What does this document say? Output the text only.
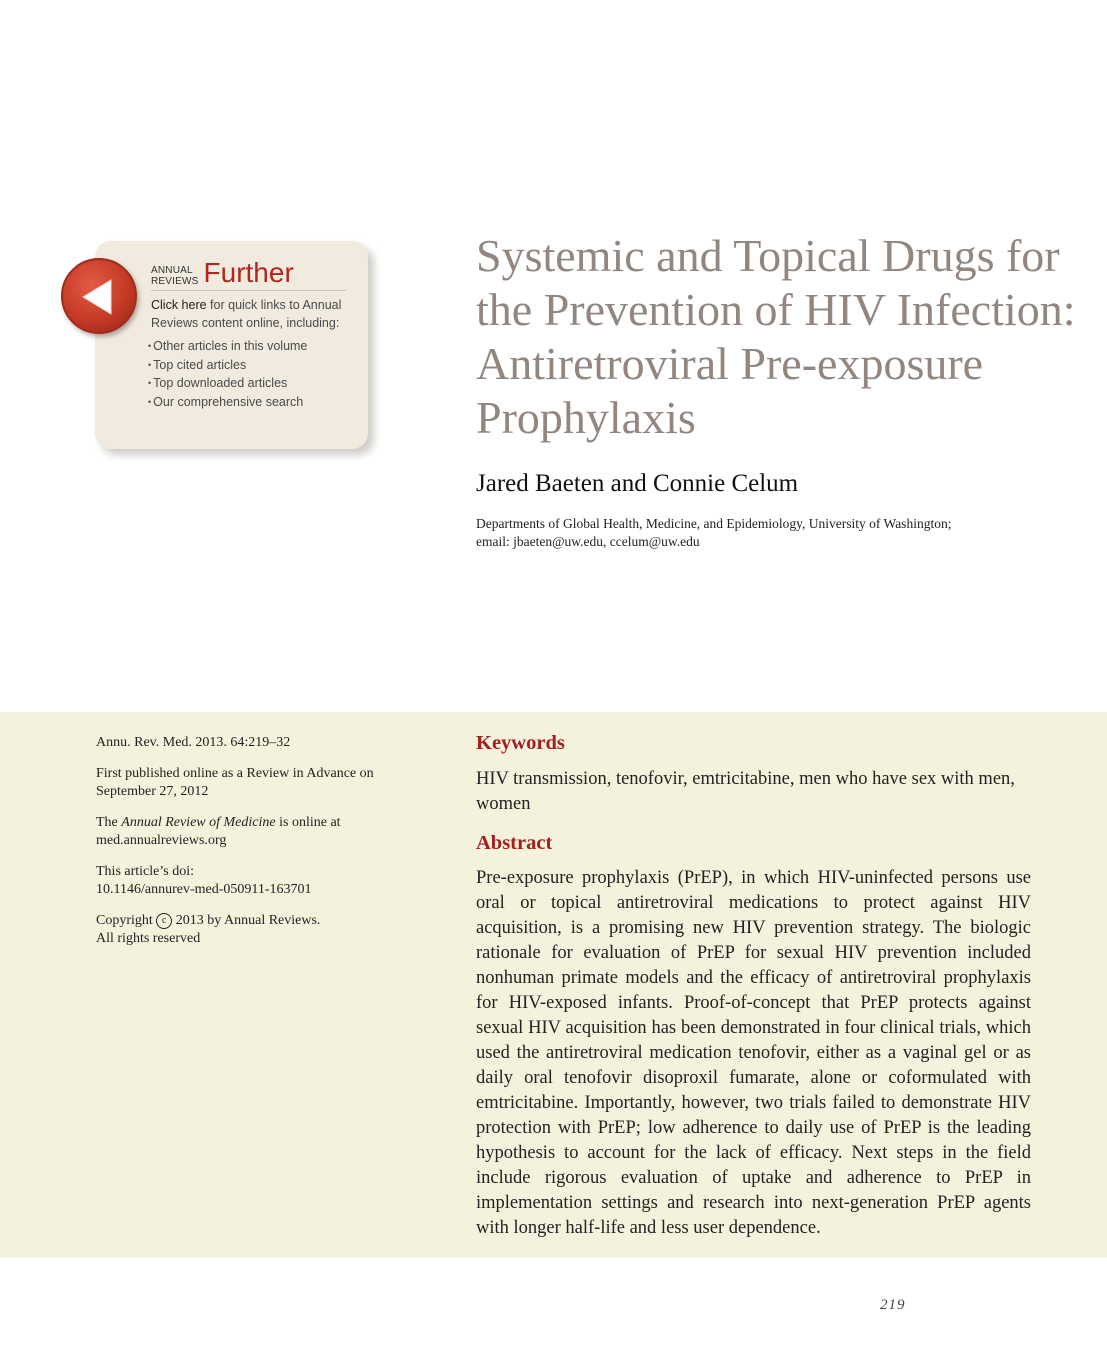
ANNUAL
REVIEWS Further
Click here for quick links to Annual Reviews content online, including:
• Other articles in this volume
• Top cited articles
• Top downloaded articles
• Our comprehensive search
Systemic and Topical Drugs for the Prevention of HIV Infection: Antiretroviral Pre-exposure Prophylaxis
Jared Baeten and Connie Celum
Departments of Global Health, Medicine, and Epidemiology, University of Washington;
email: jbaeten@uw.edu, ccelum@uw.edu

Annu. Rev. Med. 2013. 64:219–32

First published online as a Review in Advance on September 27, 2012

The Annual Review of Medicine is online at med.annualreviews.org

This article’s doi:
10.1146/annurev-med-050911-163701

Copyright c 2013 by Annual Reviews.
All rights reserved

Keywords
HIV transmission, tenofovir, emtricitabine, men who have sex with men, women
Abstract

Pre-exposure prophylaxis (PrEP), in which HIV-uninfected persons use oral or topical antiretroviral medications to protect against HIV acquisition, is a promising new HIV prevention strategy. The biologic rationale for evaluation of PrEP for sexual HIV prevention included nonhuman primate models and the efficacy of antiretroviral prophylaxis for HIV-exposed infants. Proof-of-concept that PrEP protects against sexual HIV acquisition has been demonstrated in four clinical trials, which used the antiretroviral medication tenofovir, either as a vaginal gel or as daily oral tenofovir disoproxil fumarate, alone or coformulated with emtricitabine. Importantly, however, two trials failed to demonstrate HIV protection with PrEP; low adherence to daily use of PrEP is the leading hypothesis to account for the lack of efficacy. Next steps in the field include rigorous evaluation of uptake and adherence to PrEP in implementation settings and research into next-generation PrEP agents with longer half-life and less user dependence.

219
